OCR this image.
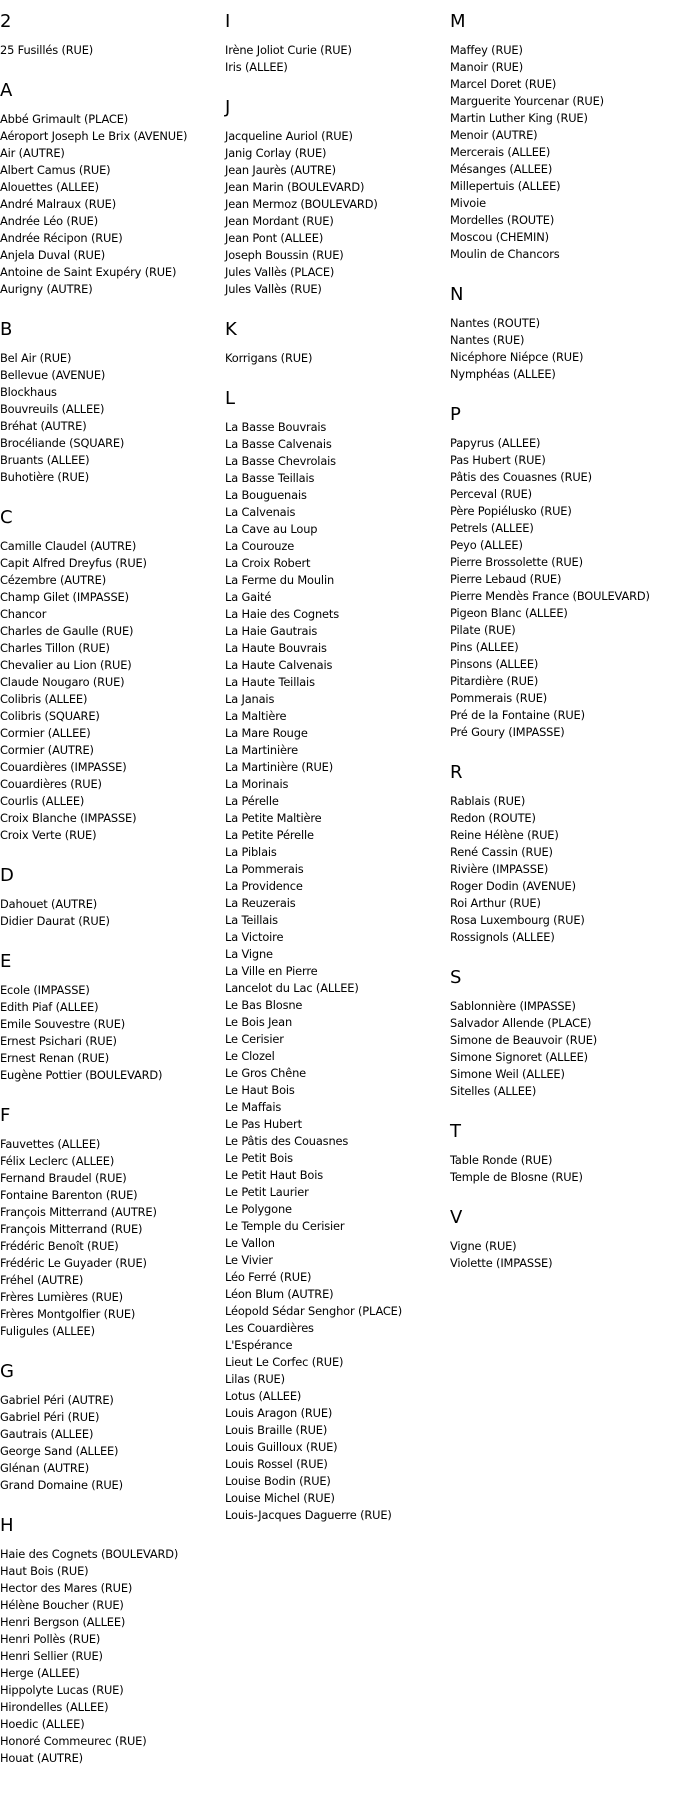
2
25 Fusillés (RUE)
A
Abbé Grimault (PLACE)
Aéroport Joseph Le Brix (AVENUE)
Air (AUTRE)
Albert Camus (RUE)
Alouettes (ALLEE)
André Malraux (RUE)
Andrée Léo (RUE)
Andrée Récipon (RUE)
Anjela Duval (RUE)
Antoine de Saint Exupéry (RUE)
Aurigny (AUTRE)
B
Bel Air (RUE)
Bellevue (AVENUE)
Blockhaus
Bouvreuils (ALLEE)
Bréhat (AUTRE)
Brocéliande (SQUARE)
Bruants (ALLEE)
Buhotière (RUE)
C
Camille Claudel (AUTRE)
Capit Alfred Dreyfus (RUE)
Cézembre (AUTRE)
Champ Gilet (IMPASSE)
Chancor
Charles de Gaulle (RUE)
Charles Tillon (RUE)
Chevalier au Lion (RUE)
Claude Nougaro (RUE)
Colibris (ALLEE)
Colibris (SQUARE)
Cormier (ALLEE)
Cormier (AUTRE)
Couardières (IMPASSE)
Couardières (RUE)
Courlis (ALLEE)
Croix Blanche (IMPASSE)
Croix Verte (RUE)
D
Dahouet (AUTRE)
Didier Daurat (RUE)
E
Ecole (IMPASSE)
Edith Piaf (ALLEE)
Emile Souvestre (RUE)
Ernest Psichari (RUE)
Ernest Renan (RUE)
Eugène Pottier (BOULEVARD)
F
Fauvettes (ALLEE)
Félix Leclerc (ALLEE)
Fernand Braudel (RUE)
Fontaine Barenton (RUE)
François Mitterrand (AUTRE)
François Mitterrand (RUE)
Frédéric Benoît (RUE)
Frédéric Le Guyader (RUE)
Fréhel (AUTRE)
Frères Lumières (RUE)
Frères Montgolfier (RUE)
Fuligules (ALLEE)
G
Gabriel Péri (AUTRE)
Gabriel Péri (RUE)
Gautrais (ALLEE)
George Sand (ALLEE)
Glénan (AUTRE)
Grand Domaine (RUE)
H
Haie des Cognets (BOULEVARD)
Haut Bois (RUE)
Hector des Mares (RUE)
Hélène Boucher (RUE)
Henri Bergson (ALLEE)
Henri Pollès (RUE)
Henri Sellier (RUE)
Herge (ALLEE)
Hippolyte Lucas (RUE)
Hirondelles (ALLEE)
Hoedic (ALLEE)
Honoré Commeurec (RUE)
Houat (AUTRE)
I
Irène Joliot Curie (RUE)
Iris (ALLEE)
J
Jacqueline Auriol (RUE)
Janig Corlay (RUE)
Jean Jaurès (AUTRE)
Jean Marin (BOULEVARD)
Jean Mermoz (BOULEVARD)
Jean Mordant (RUE)
Jean Pont (ALLEE)
Joseph Boussin (RUE)
Jules Vallès (PLACE)
Jules Vallès (RUE)
K
Korrigans (RUE)
L
La Basse Bouvrais
La Basse Calvenais
La Basse Chevrolais
La Basse Teillais
La Bouguenais
La Calvenais
La Cave au Loup
La Courouze
La Croix Robert
La Ferme du Moulin
La Gaité
La Haie des Cognets
La Haie Gautrais
La Haute Bouvrais
La Haute Calvenais
La Haute Teillais
La Janais
La Maltière
La Mare Rouge
La Martinière
La Martinière (RUE)
La Morinais
La Pérelle
La Petite Maltière
La Petite Pérelle
La Piblais
La Pommerais
La Providence
La Reuzerais
La Teillais
La Victoire
La Vigne
La Ville en Pierre
Lancelot du Lac (ALLEE)
Le Bas Blosne
Le Bois Jean
Le Cerisier
Le Clozel
Le Gros Chêne
Le Haut Bois
Le Maffais
Le Pas Hubert
Le Pâtis des Couasnes
Le Petit Bois
Le Petit Haut Bois
Le Petit Laurier
Le Polygone
Le Temple du Cerisier
Le Vallon
Le Vivier
Léo Ferré (RUE)
Léon Blum (AUTRE)
Léopold Sédar Senghor (PLACE)
Les Couardières
L'Espérance
Lieut Le Corfec (RUE)
Lilas (RUE)
Lotus (ALLEE)
Louis Aragon (RUE)
Louis Braille (RUE)
Louis Guilloux (RUE)
Louis Rossel (RUE)
Louise Bodin (RUE)
Louise Michel (RUE)
Louis-Jacques Daguerre (RUE)
M
Maffey (RUE)
Manoir (RUE)
Marcel Doret (RUE)
Marguerite Yourcenar (RUE)
Martin Luther King (RUE)
Menoir (AUTRE)
Mercerais (ALLEE)
Mésanges (ALLEE)
Millepertuis (ALLEE)
Mivoie
Mordelles (ROUTE)
Moscou (CHEMIN)
Moulin de Chancors
N
Nantes (ROUTE)
Nantes (RUE)
Nicéphore Niépce (RUE)
Nymphéas (ALLEE)
P
Papyrus (ALLEE)
Pas Hubert (RUE)
Pâtis des Couasnes (RUE)
Perceval (RUE)
Père Popiélusko (RUE)
Petrels (ALLEE)
Peyo (ALLEE)
Pierre Brossolette (RUE)
Pierre Lebaud (RUE)
Pierre Mendès France (BOULEVARD)
Pigeon Blanc (ALLEE)
Pilate (RUE)
Pins (ALLEE)
Pinsons (ALLEE)
Pitardière (RUE)
Pommerais (RUE)
Pré de la Fontaine (RUE)
Pré Goury (IMPASSE)
R
Rablais (RUE)
Redon (ROUTE)
Reine Hélène (RUE)
René Cassin (RUE)
Rivière (IMPASSE)
Roger Dodin (AVENUE)
Roi Arthur (RUE)
Rosa Luxembourg (RUE)
Rossignols (ALLEE)
S
Sablonnière (IMPASSE)
Salvador Allende (PLACE)
Simone de Beauvoir (RUE)
Simone Signoret (ALLEE)
Simone Weil (ALLEE)
Sitelles (ALLEE)
T
Table Ronde (RUE)
Temple de Blosne (RUE)
V
Vigne (RUE)
Violette (IMPASSE)
